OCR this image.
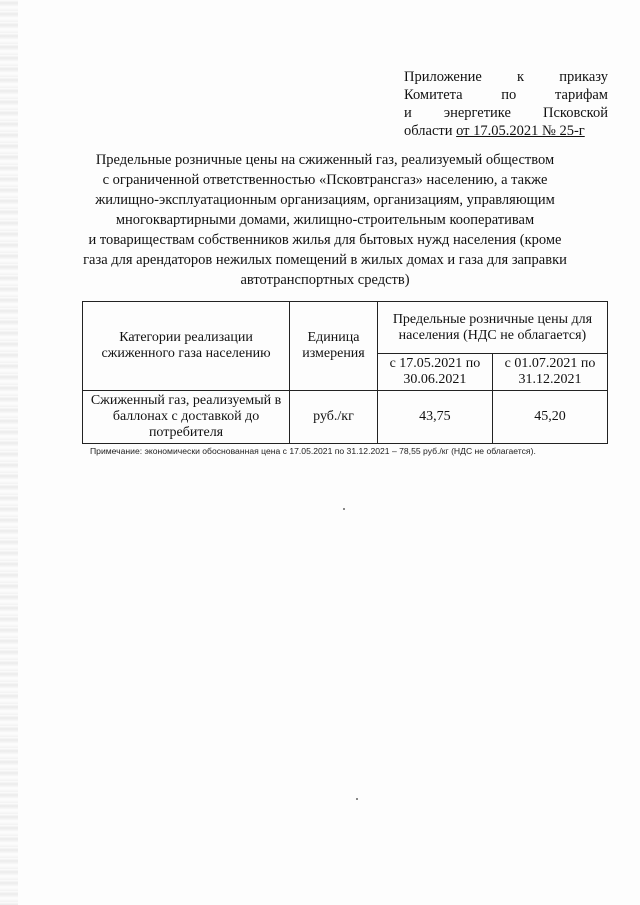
Приложение к приказу
Комитета	по	тарифам
и энергетике Псковской
области от 17.05.2021 № 25-г
Предельные розничные цены на сжиженный газ, реализуемый обществом
с ограниченной ответственностью «Псковтрансгаз» населению, а также
жилищно-эксплуатационным организациям, организациям, управляющим
многоквартирными домами, жилищно-строительным кооперативам
и товариществам собственников жилья для бытовых нужд населения (кроме
газа для арендаторов нежилых помещений в жилых домах и газа для заправки
автотранспортных средств)
Категории реализации сжиженного газа населению	Единица измерения	Предельные розничные цены для населения (НДС не облагается)	
		с 17.05.2021 по 30.06.2021	с 01.07.2021 по 31.12.2021
Сжиженный газ, реализуемый в баллонах с доставкой до потребителя	руб./кг	43,75	45,20
Примечание: экономически обоснованная цена с 17.05.2021 по 31.12.2021 – 78,55 руб./кг (НДС не облагается).
